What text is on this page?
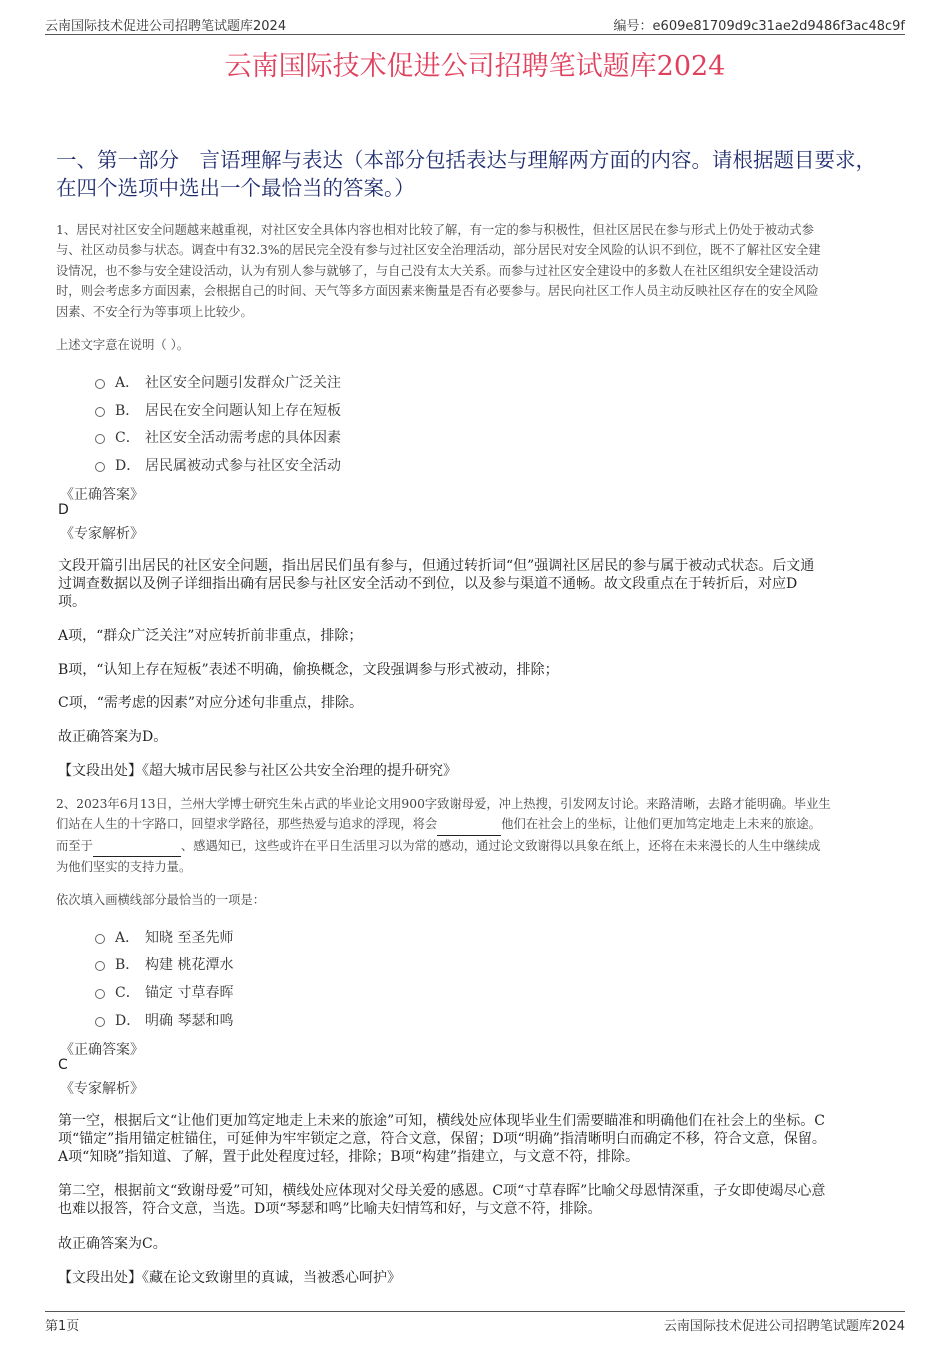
云南国际技术促进公司招聘笔试题库2024	编号：e609e81709d9c31ae2d9486f3ac48c9f
云南国际技术促进公司招聘笔试题库2024
一、第一部分　言语理解与表达（本部分包括表达与理解两方面的内容。请根据题目要求，在四个选项中选出一个最恰当的答案。）
1、居民对社区安全问题越来越重视，对社区安全具体内容也相对比较了解，有一定的参与积极性，但社区居民在参与形式上仍处于被动式参
与、社区动员参与状态。调查中有32.3%的居民完全没有参与过社区安全治理活动，部分居民对安全风险的认识不到位，既不了解社区安全建
设情况，也不参与安全建设活动，认为有别人参与就够了，与自己没有太大关系。而参与过社区安全建设中的多数人在社区组织安全建设活动
时，则会考虑多方面因素，会根据自己的时间、天气等多方面因素来衡量是否有必要参与。居民向社区工作人员主动反映社区存在的安全风险
因素、不安全行为等事项上比较少。
上述文字意在说明（ ）。
A． 社区安全问题引发群众广泛关注
B． 居民在安全问题认知上存在短板
C． 社区安全活动需考虑的具体因素
D． 居民属被动式参与社区安全活动
《正确答案》
D
《专家解析》
文段开篇引出居民的社区安全问题，指出居民们虽有参与，但通过转折词“但”强调社区居民的参与属于被动式状态。后文通
过调查数据以及例子详细指出确有居民参与社区安全活动不到位，以及参与渠道不通畅。故文段重点在于转折后，对应D
项。
A项，“群众广泛关注”对应转折前非重点，排除；
B项，“认知上存在短板”表述不明确，偷换概念，文段强调参与形式被动，排除；
C项，“需考虑的因素”对应分述句非重点，排除。
故正确答案为D。
【文段出处】《超大城市居民参与社区公共安全治理的提升研究》
2、2023年6月13日，兰州大学博士研究生朱占武的毕业论文用900字致谢母爱，冲上热搜，引发网友讨论。来路清晰，去路才能明确。毕业生
们站在人生的十字路口，回望求学路径，那些热爱与追求的浮现，将会	他们在社会上的坐标，让他们更加笃定地走上未来的旅途。
而至于	、感遇知已，这些或许在平日生活里习以为常的感动，通过论文致谢得以具象在纸上，还将在未来漫长的人生中继续成
为他们坚实的支持力量。
依次填入画横线部分最恰当的一项是：
A． 知晓 至圣先师
B． 构建 桃花潭水
C． 锚定 寸草春晖
D． 明确 琴瑟和鸣
《正确答案》
C
《专家解析》
第一空，根据后文“让他们更加笃定地走上未来的旅途”可知，横线处应体现毕业生们需要瞄准和明确他们在社会上的坐标。C
项“锚定”指用锚定桩锚住，可延伸为牢牢锁定之意，符合文意，保留；D项“明确”指清晰明白而确定不移，符合文意，保留。
A项“知晓”指知道、了解，置于此处程度过轻，排除；B项“构建”指建立，与文意不符，排除。
第二空，根据前文“致谢母爱”可知，横线处应体现对父母关爱的感恩。C项“寸草春晖”比喻父母恩情深重，子女即使竭尽心意
也难以报答，符合文意，当选。D项“琴瑟和鸣”比喻夫妇情笃和好，与文意不符，排除。
故正确答案为C。
【文段出处】《藏在论文致谢里的真诚，当被悉心呵护》
第1页	云南国际技术促进公司招聘笔试题库2024
